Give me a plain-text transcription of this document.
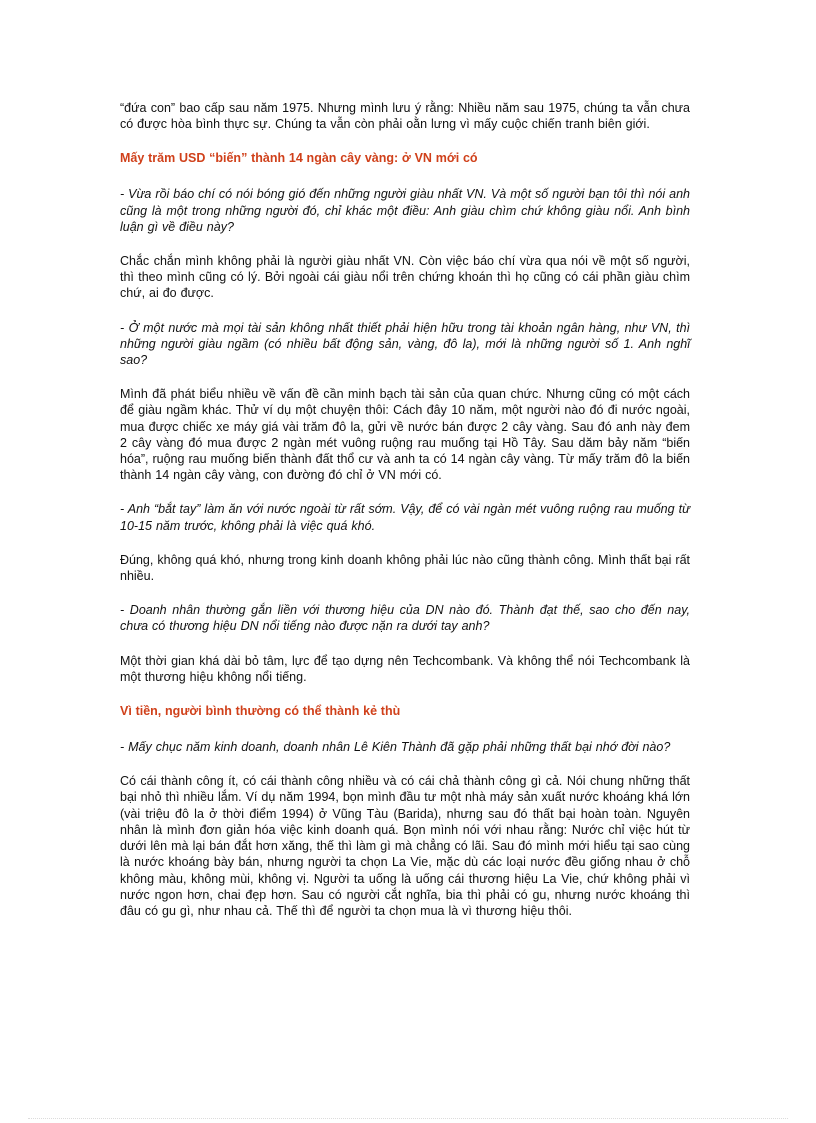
“đứa con” bao cấp sau năm 1975. Nhưng mình lưu ý rằng: Nhiều năm sau 1975, chúng ta vẫn chưa có được hòa bình thực sự. Chúng ta vẫn còn phải oằn lưng vì mấy cuộc chiến tranh biên giới.

Mấy trăm USD “biến” thành 14 ngàn cây vàng: ở VN mới có

- Vừa rồi báo chí có nói bóng gió đến những người giàu nhất VN. Và một số người bạn tôi thì nói anh cũng là một trong những người đó, chỉ khác một điều: Anh giàu chìm chứ không giàu nổi. Anh bình luận gì về điều này?

Chắc chắn mình không phải là người giàu nhất VN. Còn việc báo chí vừa qua nói về một số người, thì theo mình cũng có lý. Bởi ngoài cái giàu nổi trên chứng khoán thì họ cũng có cái phần giàu chìm chứ, ai đo được.

- Ở một nước mà mọi tài sản không nhất thiết phải hiện hữu trong tài khoản ngân hàng, như VN, thì những người giàu ngầm (có nhiều bất động sản, vàng, đô la), mới là những người số 1. Anh nghĩ sao?

Mình đã phát biểu nhiều về vấn đề cần minh bạch tài sản của quan chức. Nhưng cũng có một cách để giàu ngầm khác. Thử ví dụ một chuyện thôi: Cách đây 10 năm, một người nào đó đi nước ngoài, mua được chiếc xe máy giá vài trăm đô la, gửi về nước bán được 2 cây vàng. Sau đó anh này đem 2 cây vàng đó mua được 2 ngàn mét vuông ruộng rau muống tại Hồ Tây. Sau dăm bảy năm “biến hóa”, ruộng rau muống biến thành đất thổ cư và anh ta có 14 ngàn cây vàng. Từ mấy trăm đô la biến thành 14 ngàn cây vàng, con đường đó chỉ ở VN mới có.

- Anh “bắt tay” làm ăn với nước ngoài từ rất sớm. Vậy, để có vài ngàn mét vuông ruộng rau muống từ 10-15 năm trước, không phải là việc quá khó.

Đúng, không quá khó, nhưng trong kinh doanh không phải lúc nào cũng thành công. Mình thất bại rất nhiều.

- Doanh nhân thường gắn liền với thương hiệu của DN nào đó. Thành đạt thế, sao cho đến nay, chưa có thương hiệu DN nổi tiếng nào được nặn ra dưới tay anh?

Một thời gian khá dài bỏ tâm, lực để tạo dựng nên Techcombank. Và không thể nói Techcombank là một thương hiệu không nổi tiếng.

Vì tiền, người bình thường có thể thành kẻ thù

- Mấy chục năm kinh doanh, doanh nhân Lê Kiên Thành đã gặp phải những thất bại nhớ đời nào?

Có cái thành công ít, có cái thành công nhiều và có cái chả thành công gì cả. Nói chung những thất bại nhỏ thì nhiều lắm. Ví dụ năm 1994, bọn mình đầu tư một nhà máy sản xuất nước khoáng khá lớn (vài triệu đô la ở thời điểm 1994) ở Vũng Tàu (Barida), nhưng sau đó thất bại hoàn toàn. Nguyên nhân là mình đơn giản hóa việc kinh doanh quá. Bọn mình nói với nhau rằng: Nước chỉ việc hút từ dưới lên mà lại bán đắt hơn xăng, thế thì làm gì mà chẳng có lãi. Sau đó mình mới hiểu tại sao cùng là nước khoáng bày bán, nhưng người ta chọn La Vie, mặc dù các loại nước đều giống nhau ở chỗ không màu, không mùi, không vị. Người ta uống là uống cái thương hiệu La Vie, chứ không phải vì nước ngon hơn, chai đẹp hơn. Sau có người cắt nghĩa, bia thì phải có gu, nhưng nước khoáng thì đâu có gu gì, như nhau cả. Thế thì để người ta chọn mua là vì thương hiệu thôi.
